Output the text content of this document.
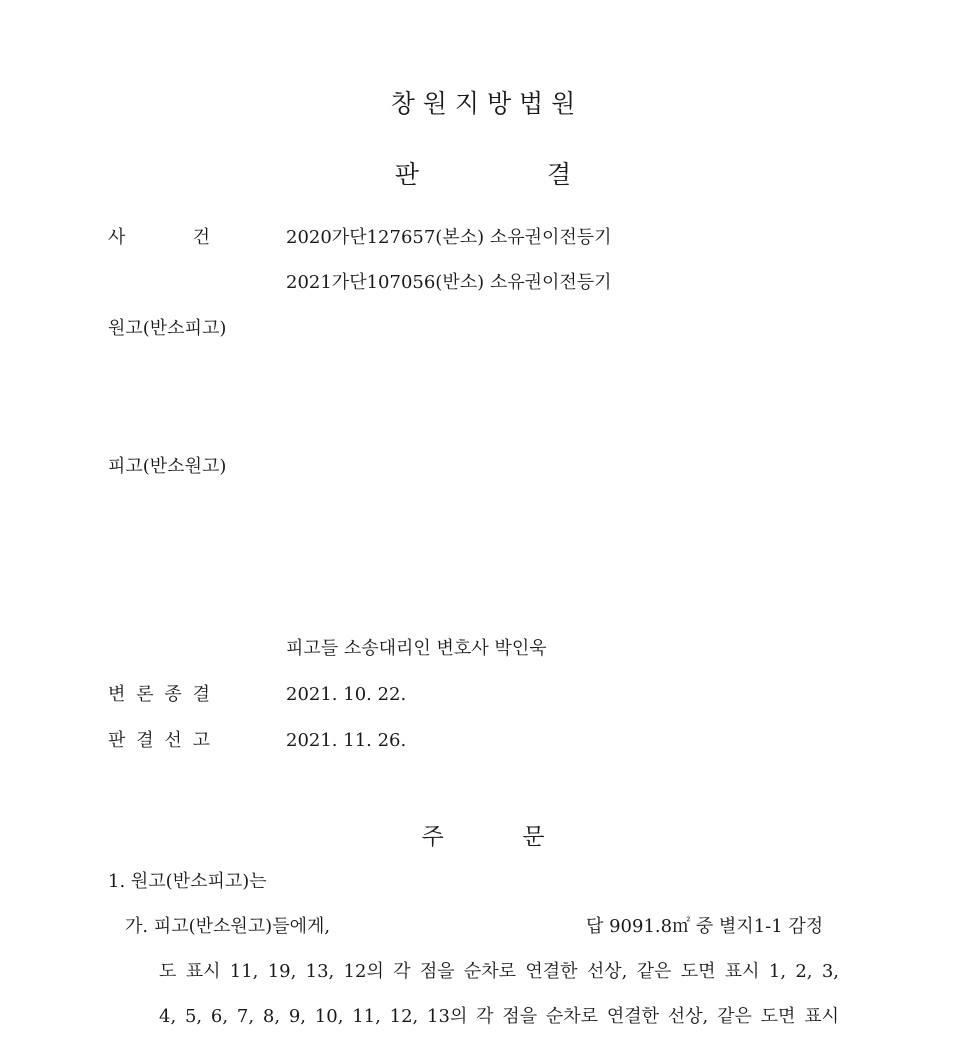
창 원 지 방 법 원
판	결
사 건	2020가단127657(본소) 소유권이전등기
2021가단107056(반소) 소유권이전등기
원고(반소피고)
피고(반소원고)
피고들 소송대리인 변호사 박인욱
변 론 종 결	2021. 10. 22.
판 결 선 고	2021. 11. 26.
주	문
1. 원고(반소피고)는
가. 피고(반소원고)들에게,	답 9091.8㎡ 중 별지1-1 감정
도 표시 11, 19, 13, 12의 각 점을 순차로 연결한 선상, 같은 도면 표시 1, 2, 3,
4, 5, 6, 7, 8, 9, 10, 11, 12, 13의 각 점을 순차로 연결한 선상, 같은 도면 표시
